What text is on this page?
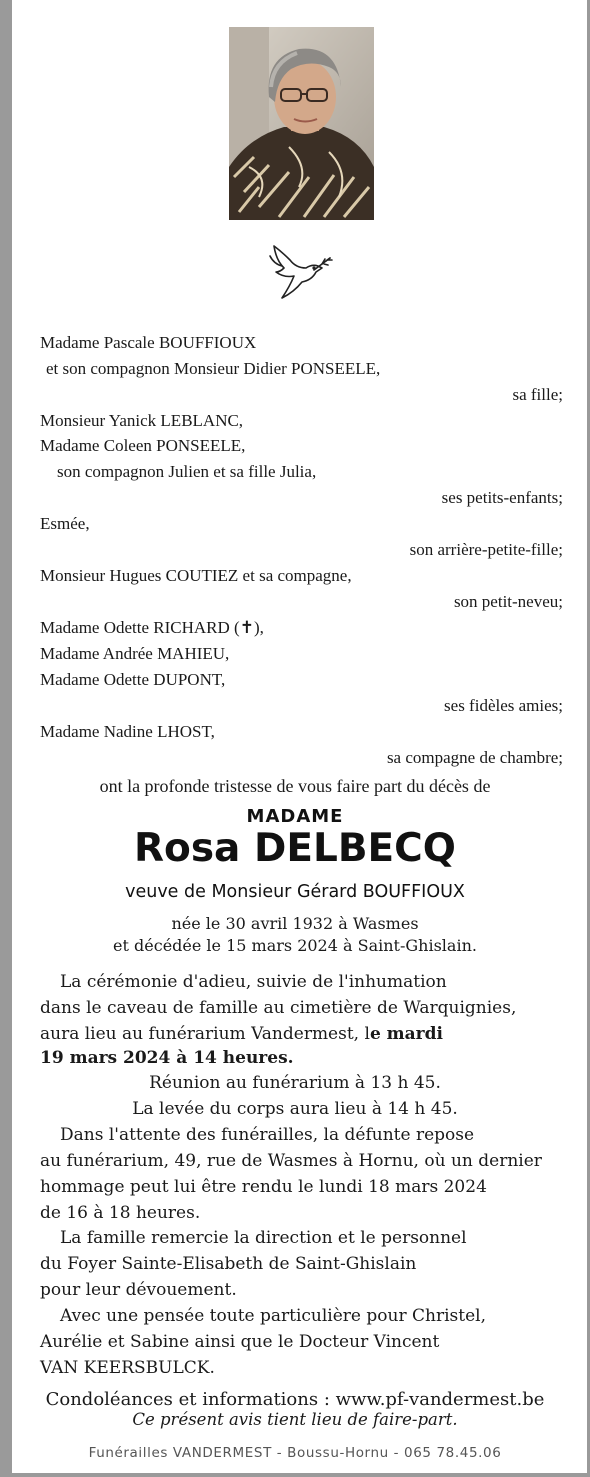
Madame Pascale BOUFFIOUX
et son compagnon Monsieur Didier PONSEELE,
sa fille;
Monsieur Yanick LEBLANC,
Madame Coleen PONSEELE,
son compagnon Julien et sa fille Julia,
ses petits-enfants;
Esmée,
son arrière-petite-fille;
Monsieur Hugues COUTIEZ et sa compagne,
son petit-neveu;
Madame Odette RICHARD (✝),
Madame Andrée MAHIEU,
Madame Odette DUPONT,
ses fidèles amies;
Madame Nadine LHOST,
sa compagne de chambre;
ont la profonde tristesse de vous faire part du décès de
MADAME
Rosa DELBECQ
veuve de Monsieur Gérard BOUFFIOUX
née le 30 avril 1932 à Wasmes
et décédée le 15 mars 2024 à Saint-Ghislain.
La cérémonie d'adieu, suivie de l'inhumation
dans le caveau de famille au cimetière de Warquignies,
aura lieu au funérarium Vandermest, le mardi
19 mars 2024 à 14 heures.
Réunion au funérarium à 13 h 45.
La levée du corps aura lieu à 14 h 45.
Dans l'attente des funérailles, la défunte repose
au funérarium, 49, rue de Wasmes à Hornu, où un dernier
hommage peut lui être rendu le lundi 18 mars 2024
de 16 à 18 heures.
La famille remercie la direction et le personnel
du Foyer Sainte-Elisabeth de Saint-Ghislain
pour leur dévouement.
Avec une pensée toute particulière pour Christel,
Aurélie et Sabine ainsi que le Docteur Vincent
VAN KEERSBULCK.
Condoléances et informations : www.pf-vandermest.be
Ce présent avis tient lieu de faire-part.
Funérailles VANDERMEST - Boussu-Hornu - 065 78.45.06
